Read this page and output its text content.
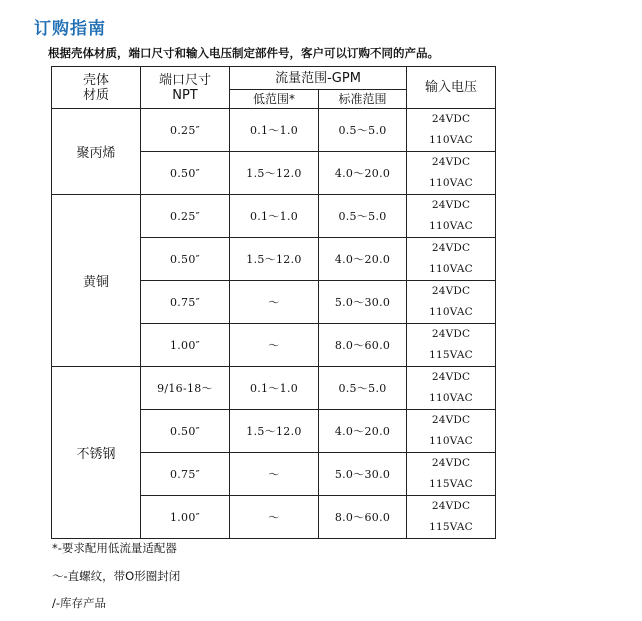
订购指南
根据壳体材质，端口尺寸和输入电压制定部件号，客户可以订购不同的产品。
壳体
材质	端口尺寸
NPT	流量范围-GPM		输入电压
		低范围*	标准范围	
聚丙烯	0.25″	0.1～1.0	0.5～5.0	24VDC
110VAC

	0.50″	1.5～12.0	4.0～20.0	24VDC
110VAC

黄铜	0.25″	0.1～1.0	0.5～5.0	24VDC
110VAC

	0.50″	1.5～12.0	4.0～20.0	24VDC
110VAC

	0.75″	～	5.0～30.0	24VDC
110VAC

	1.00″	～	8.0～60.0	24VDC
115VAC

不锈钢	9/16-18～	0.1～1.0	0.5～5.0	24VDC
110VAC

	0.50″	1.5～12.0	4.0～20.0	24VDC
110VAC

	0.75″	～	5.0～30.0	24VDC
115VAC

	1.00″	～	8.0～60.0	24VDC
115VAC
*-要求配用低流量适配器
～-直螺纹，带O形圈封闭
/-库存产品
